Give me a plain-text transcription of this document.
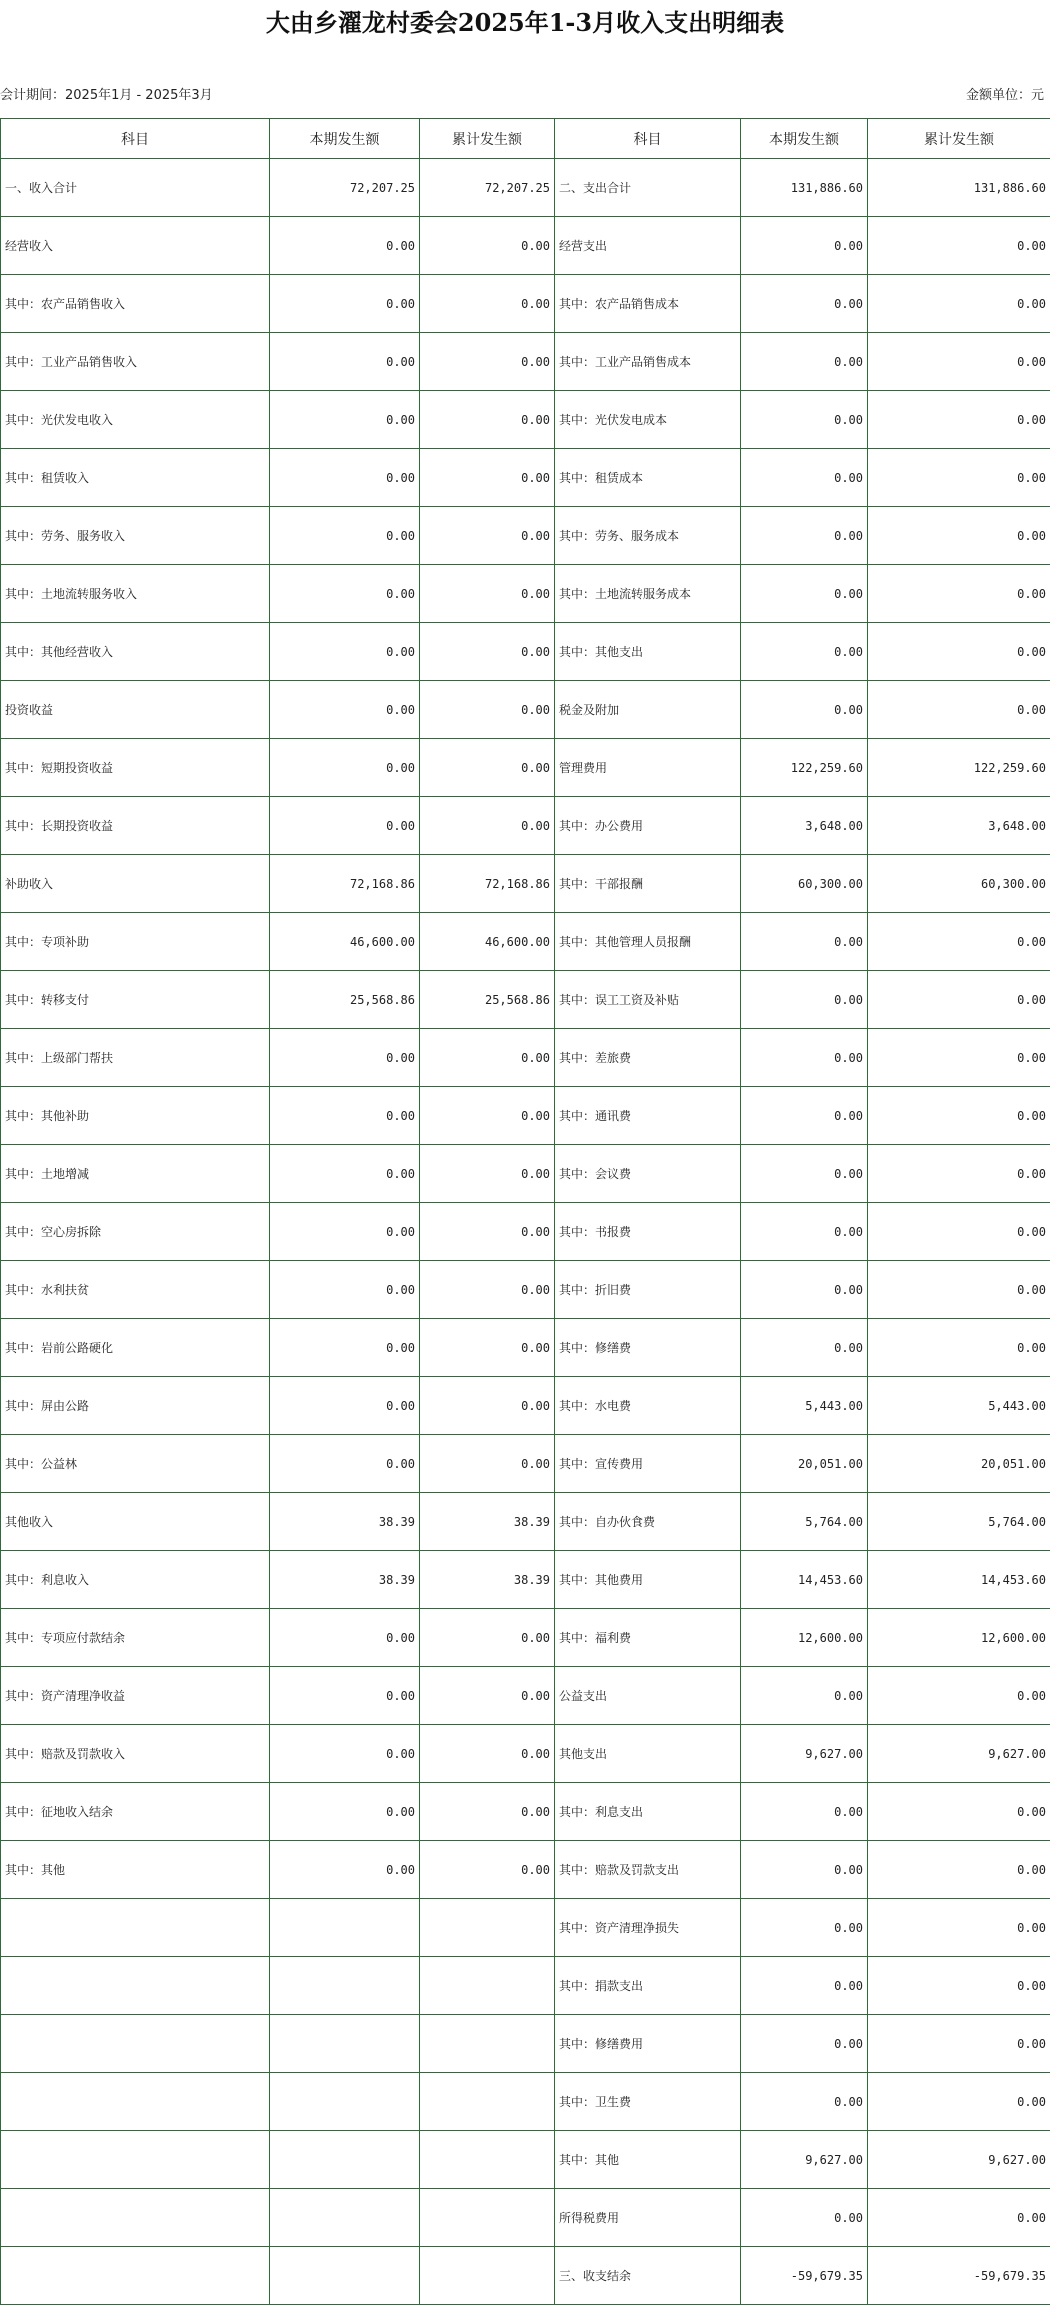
大由乡濯龙村委会2025年1-3月收入支出明细表
会计期间：2025年1月 - 2025年3月	金额单位：元
科目	本期发生额	累计发生额	科目	本期发生额	累计发生额
一、收入合计	72,207.25	72,207.25	二、支出合计	131,886.60	131,886.60
经营收入	0.00	0.00	经营支出	0.00	0.00
其中：农产品销售收入	0.00	0.00	其中：农产品销售成本	0.00	0.00
其中：工业产品销售收入	0.00	0.00	其中：工业产品销售成本	0.00	0.00
其中：光伏发电收入	0.00	0.00	其中：光伏发电成本	0.00	0.00
其中：租赁收入	0.00	0.00	其中：租赁成本	0.00	0.00
其中：劳务、服务收入	0.00	0.00	其中：劳务、服务成本	0.00	0.00
其中：土地流转服务收入	0.00	0.00	其中：土地流转服务成本	0.00	0.00
其中：其他经营收入	0.00	0.00	其中：其他支出	0.00	0.00
投资收益	0.00	0.00	税金及附加	0.00	0.00
其中：短期投资收益	0.00	0.00	管理费用	122,259.60	122,259.60
其中：长期投资收益	0.00	0.00	其中：办公费用	3,648.00	3,648.00
补助收入	72,168.86	72,168.86	其中：干部报酬	60,300.00	60,300.00
其中：专项补助	46,600.00	46,600.00	其中：其他管理人员报酬	0.00	0.00
其中：转移支付	25,568.86	25,568.86	其中：误工工资及补贴	0.00	0.00
其中：上级部门帮扶	0.00	0.00	其中：差旅费	0.00	0.00
其中：其他补助	0.00	0.00	其中：通讯费	0.00	0.00
其中：土地增减	0.00	0.00	其中：会议费	0.00	0.00
其中：空心房拆除	0.00	0.00	其中：书报费	0.00	0.00
其中：水利扶贫	0.00	0.00	其中：折旧费	0.00	0.00
其中：岩前公路硬化	0.00	0.00	其中：修缮费	0.00	0.00
其中：屏由公路	0.00	0.00	其中：水电费	5,443.00	5,443.00
其中：公益林	0.00	0.00	其中：宣传费用	20,051.00	20,051.00
其他收入	38.39	38.39	其中：自办伙食费	5,764.00	5,764.00
其中：利息收入	38.39	38.39	其中：其他费用	14,453.60	14,453.60
其中：专项应付款结余	0.00	0.00	其中：福利费	12,600.00	12,600.00
其中：资产清理净收益	0.00	0.00	公益支出	0.00	0.00
其中：赔款及罚款收入	0.00	0.00	其他支出	9,627.00	9,627.00
其中：征地收入结余	0.00	0.00	其中：利息支出	0.00	0.00
其中：其他	0.00	0.00	其中：赔款及罚款支出	0.00	0.00
			其中：资产清理净损失	0.00	0.00
			其中：捐款支出	0.00	0.00
			其中：修缮费用	0.00	0.00
			其中：卫生费	0.00	0.00
			其中：其他	9,627.00	9,627.00
			所得税费用	0.00	0.00
			三、收支结余	-59,679.35	-59,679.35
